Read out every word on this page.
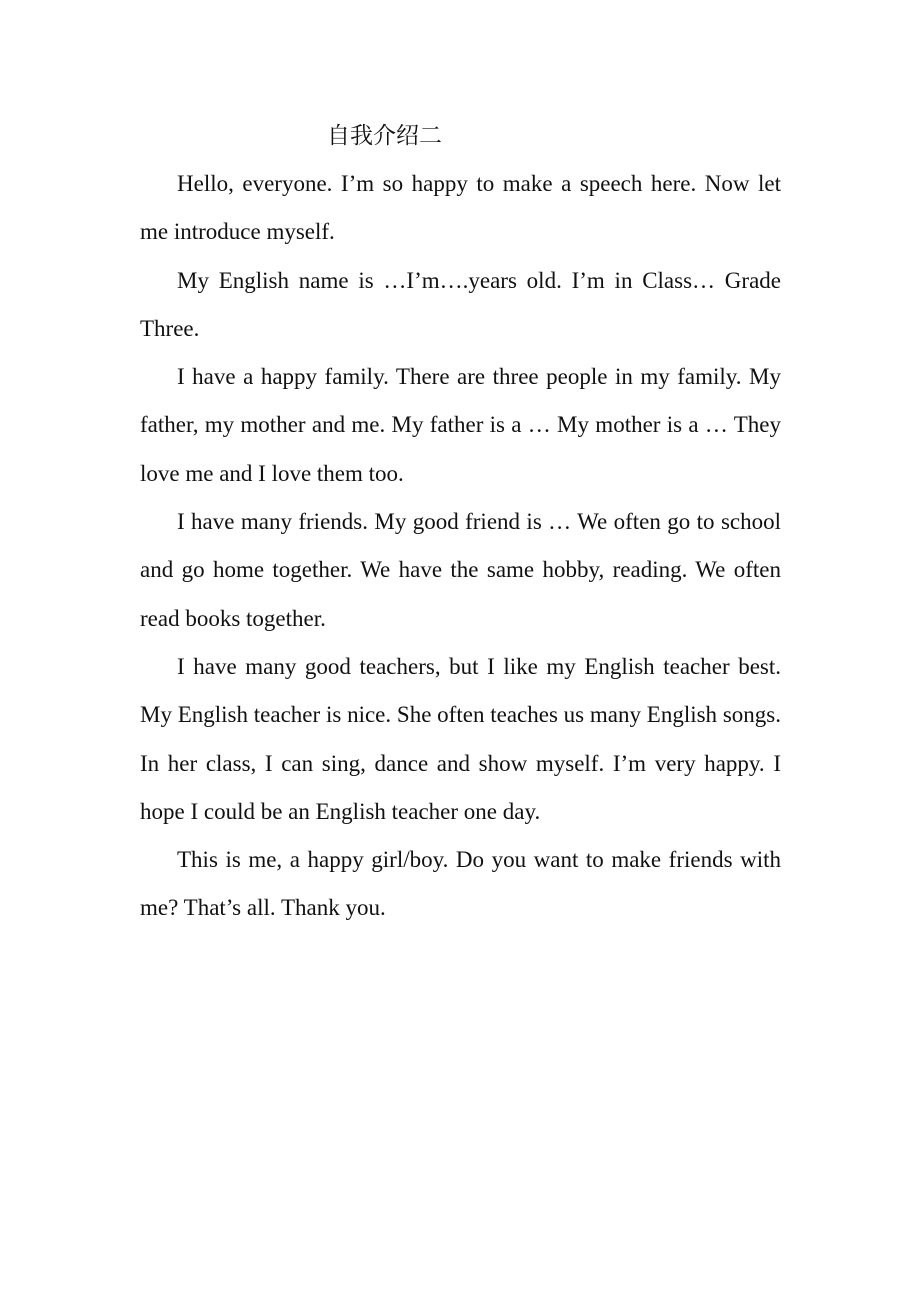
自我介绍二

Hello, everyone. I’m so happy to make a speech here. Now let me introduce myself.

My English name is …I’m….years old. I’m in Class… Grade Three.

I have a happy family. There are three people in my family. My father, my mother and me. My father is a … My mother is a … They love me and I love them too.

I have many friends. My good friend is … We often go to school and go home together. We have the same hobby, reading. We often read books together.

I have many good teachers, but I like my English teacher best. My English teacher is nice. She often teaches us many English songs. In her class, I can sing, dance and show myself. I’m very happy. I hope I could be an English teacher one day.

This is me, a happy girl/boy. Do you want to make friends with me? That’s all. Thank you.
